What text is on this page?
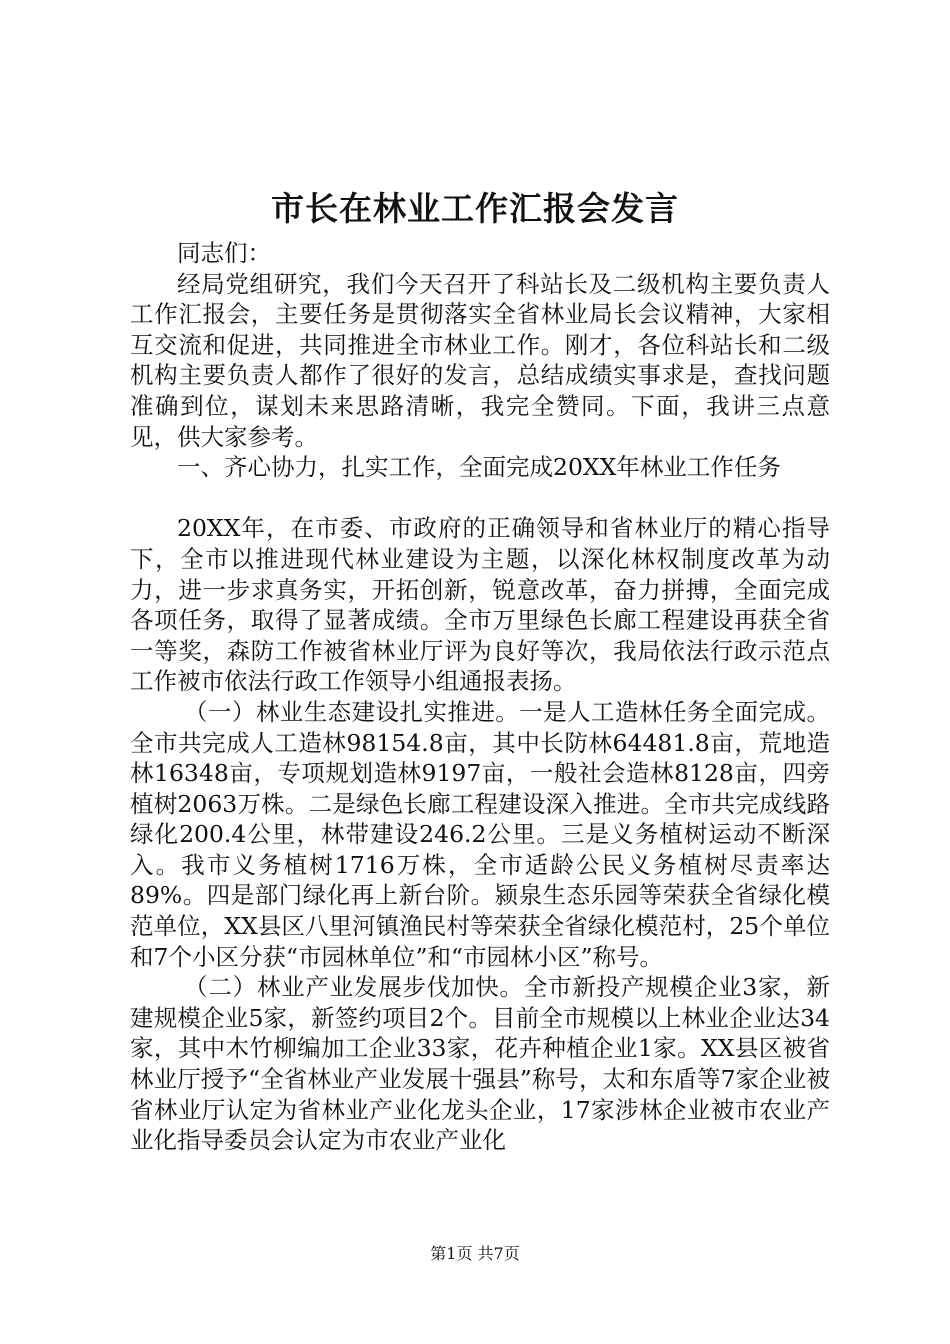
市长在林业工作汇报会发言

同志们：

经局党组研究，我们今天召开了科站长及二级机构主要负责人工作汇报会，主要任务是贯彻落实全省林业局长会议精神，大家相互交流和促进，共同推进全市林业工作。刚才，各位科站长和二级机构主要负责人都作了很好的发言，总结成绩实事求是，查找问题准确到位，谋划未来思路清晰，我完全赞同。下面，我讲三点意见，供大家参考。

一、齐心协力，扎实工作，全面完成20XX年林业工作任务

20XX年，在市委、市政府的正确领导和省林业厅的精心指导下，全市以推进现代林业建设为主题，以深化林权制度改革为动力，进一步求真务实，开拓创新，锐意改革，奋力拼搏，全面完成各项任务，取得了显著成绩。全市万里绿色长廊工程建设再获全省一等奖，森防工作被省林业厅评为良好等次，我局依法行政示范点工作被市依法行政工作领导小组通报表扬。

（一）林业生态建设扎实推进。一是人工造林任务全面完成。全市共完成人工造林98154.8亩，其中长防林64481.8亩，荒地造林16348亩，专项规划造林9197亩，一般社会造林8128亩，四旁植树2063万株。二是绿色长廊工程建设深入推进。全市共完成线路绿化200.4公里，林带建设246.2公里。三是义务植树运动不断深入。我市义务植树1716万株，全市适龄公民义务植树尽责率达89%。四是部门绿化再上新台阶。颍泉生态乐园等荣获全省绿化模范单位，XX县区八里河镇渔民村等荣获全省绿化模范村，25个单位和7个小区分获“市园林单位”和“市园林小区”称号。

（二）林业产业发展步伐加快。全市新投产规模企业3家，新建规模企业5家，新签约项目2个。目前全市规模以上林业企业达34家，其中木竹柳编加工企业33家，花卉种植企业1家。XX县区被省林业厅授予“全省林业产业发展十强县”称号，太和东盾等7家企业被省林业厅认定为省林业产业化龙头企业，17家涉林企业被市农业产业化指导委员会认定为市农业产业化

第1页 共7页
